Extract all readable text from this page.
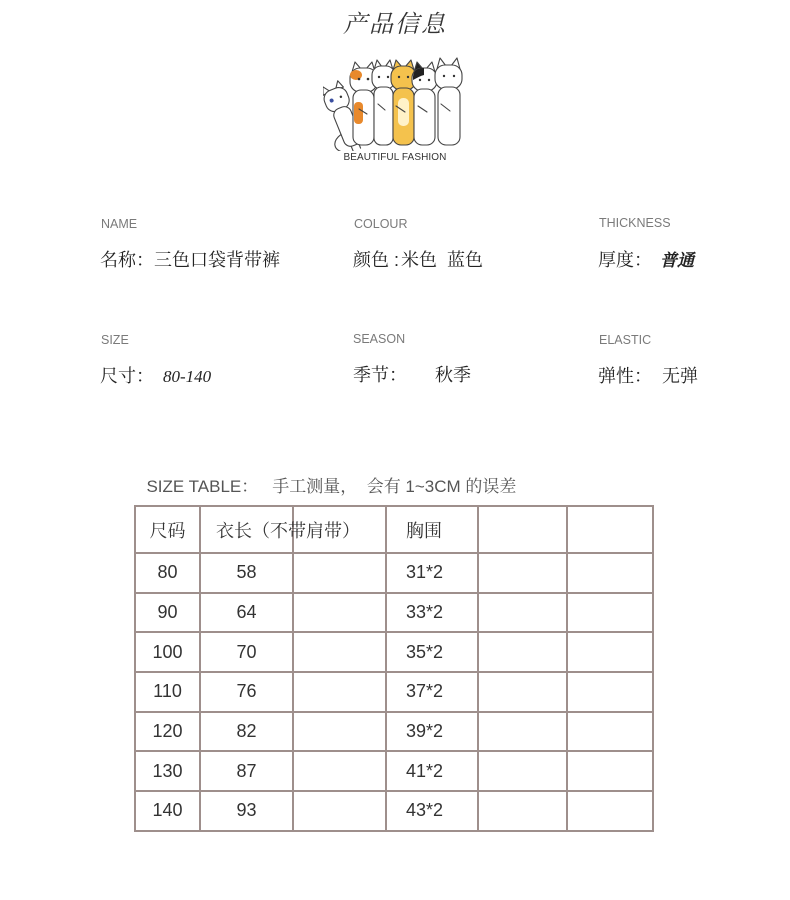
产品信息
BEAUTIFUL FASHION
NAME
名称： 三色口袋背带裤
COLOUR
颜色 : 米色  蓝色
THICKNESS
厚度： 普通
SIZE
尺寸： 80-140
SEASON
季节： 秋季
ELASTIC
弹性： 无弹

SIZE TABLE： 手工测量，  会有 1~3CM 的误差

尺码	衣长（不带肩带）		胸围		
80	58		31*2		
90	64		33*2		
100	70		35*2		
110	76		37*2		
120	82		39*2		
130	87		41*2		
140	93		43*2		
